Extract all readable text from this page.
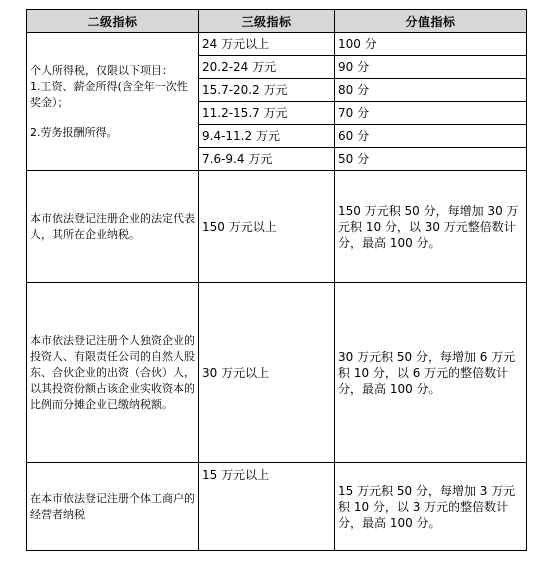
二级指标	三级指标	分值指标

个人所得税，仅限以下项目：
1.工资、薪金所得(含全年一次性奖金）；
2.劳务报酬所得。	24 万元以上	100 分
	20.2-24 万元	90 分
	15.7-20.2 万元	80 分
	11.2-15.7 万元	70 分
	9.4-11.2 万元	60 分
	7.6-9.4 万元	50 分
本市依法登记注册企业的法定代表人，其所在企业纳税。	150 万元以上	150 万元积 50 分，每增加 30 万元积 10 分，以 30 万元整倍数计分，最高 100 分。
本市依法登记注册个人独资企业的投资人、有限责任公司的自然人股东、合伙企业的出资（合伙）人，以其投资份额占该企业实收资本的比例而分摊企业已缴纳税额。	30 万元以上	30 万元积 50 分，每增加 6 万元积 10 分，以 6 万元的整倍数计分，最高 100 分。
在本市依法登记注册个体工商户的经营者纳税	15 万元以上	15 万元积 50 分，每增加 3 万元积 10 分，以 3 万元的整倍数计分，最高 100 分。
